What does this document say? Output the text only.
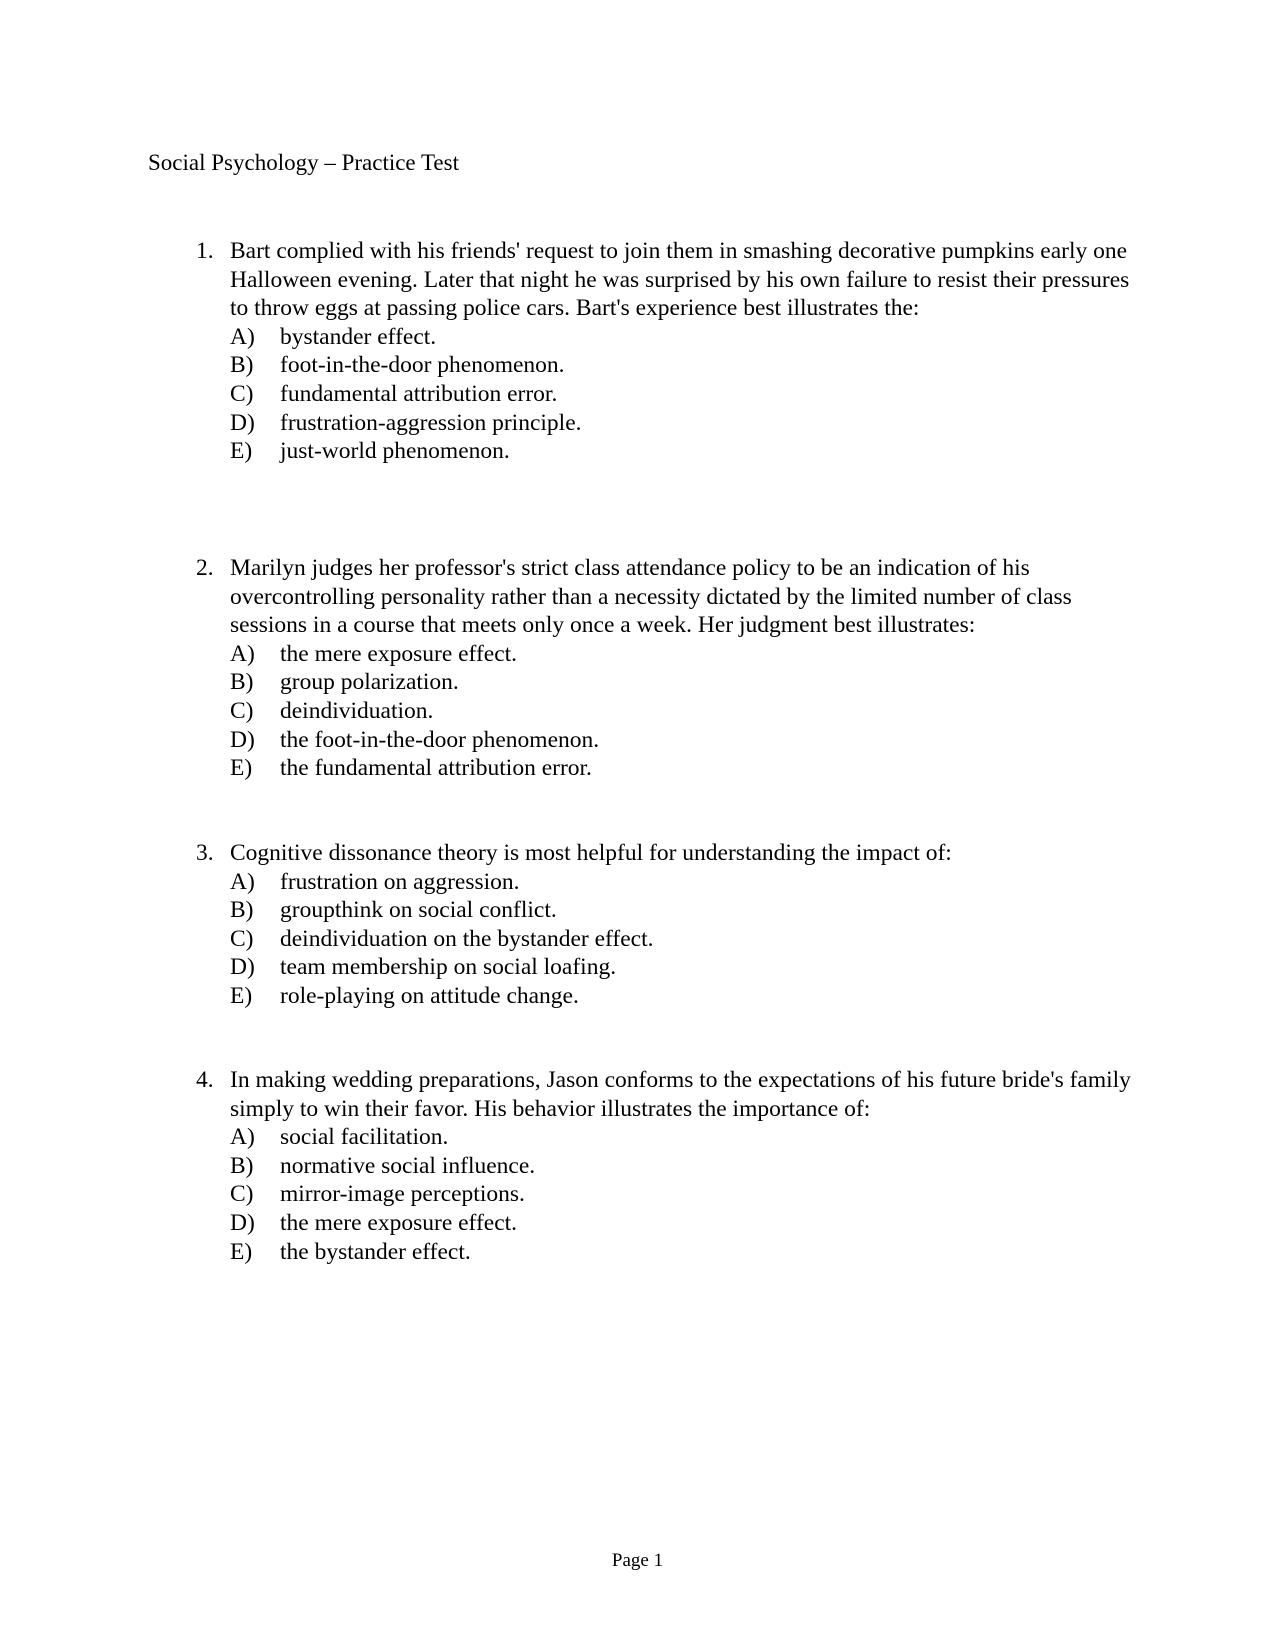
Social Psychology – Practice Test
1. Bart complied with his friends' request to join them in smashing decorative pumpkins early one Halloween evening. Later that night he was surprised by his own failure to resist their pressures to throw eggs at passing police cars. Bart's experience best illustrates the:
A) bystander effect.
B) foot-in-the-door phenomenon.
C) fundamental attribution error.
D) frustration-aggression principle.
E) just-world phenomenon.
2. Marilyn judges her professor's strict class attendance policy to be an indication of his overcontrolling personality rather than a necessity dictated by the limited number of class sessions in a course that meets only once a week. Her judgment best illustrates:
A) the mere exposure effect.
B) group polarization.
C) deindividuation.
D) the foot-in-the-door phenomenon.
E) the fundamental attribution error.
3. Cognitive dissonance theory is most helpful for understanding the impact of:
A) frustration on aggression.
B) groupthink on social conflict.
C) deindividuation on the bystander effect.
D) team membership on social loafing.
E) role-playing on attitude change.
4. In making wedding preparations, Jason conforms to the expectations of his future bride's family simply to win their favor. His behavior illustrates the importance of:
A) social facilitation.
B) normative social influence.
C) mirror-image perceptions.
D) the mere exposure effect.
E) the bystander effect.
Page 1
